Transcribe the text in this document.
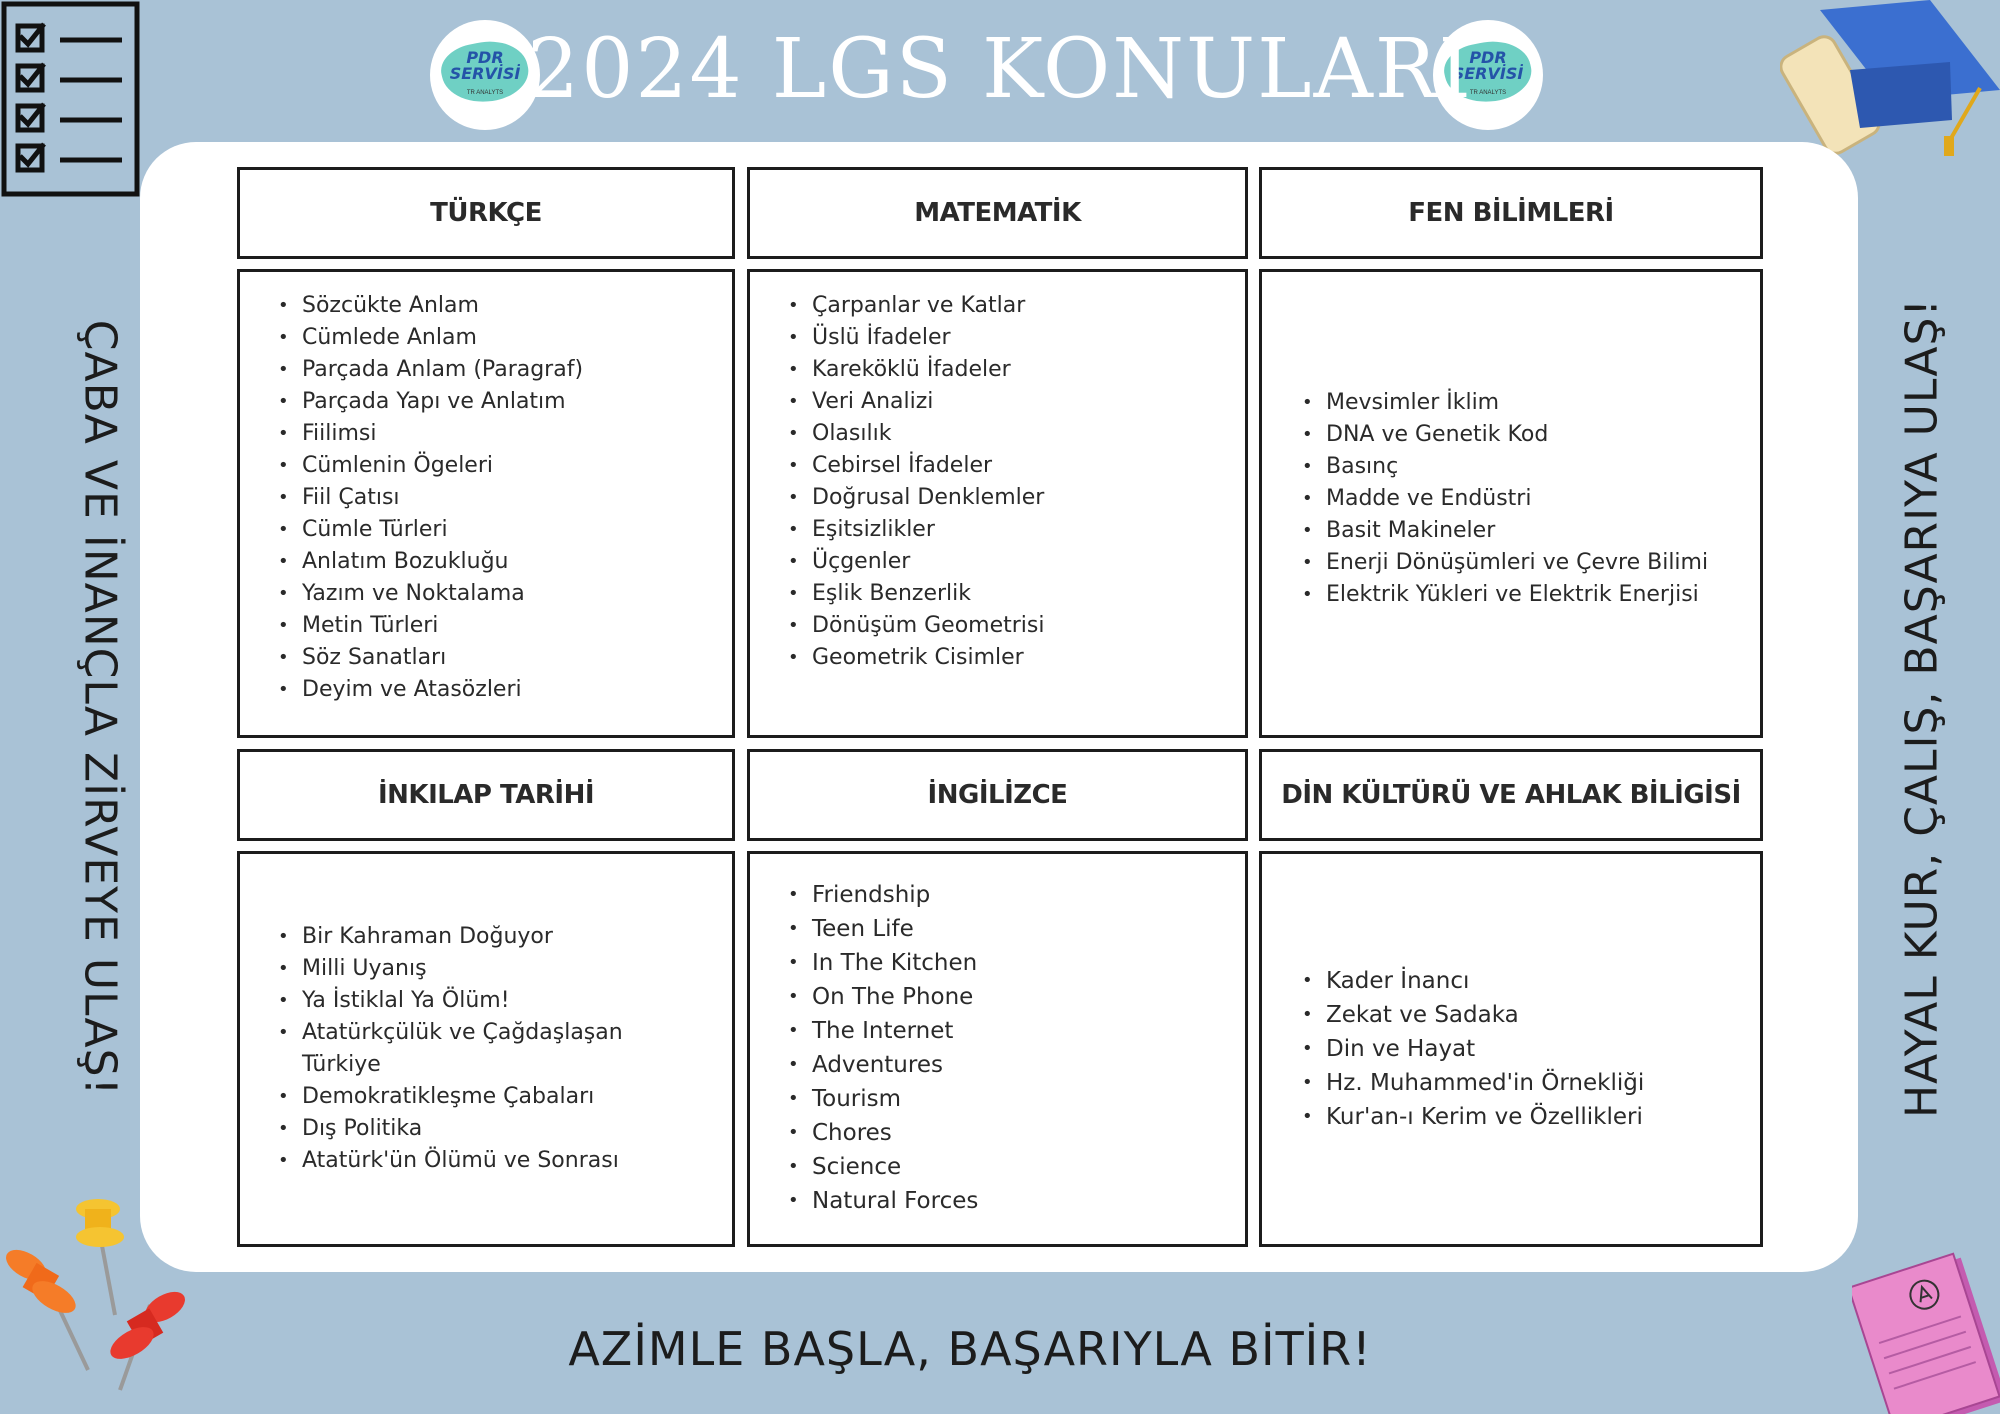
PDR
SERVİSİ
TR ANALYTS
PDR
SERVİSİ
TR ANALYTS
2024 LGS KONULARI
TÜRKÇE	MATEMATİK	FEN BİLİMLERİ
• Sözcükte Anlam
• Cümlede Anlam
• Parçada Anlam (Paragraf)
• Parçada Yapı ve Anlatım
• Fiilimsi
• Cümlenin Ögeleri
• Fiil Çatısı
• Cümle Türleri
• Anlatım Bozukluğu
• Yazım ve Noktalama
• Metin Türleri
• Söz Sanatları
• Deyim ve Atasözleri
• Çarpanlar ve Katlar
• Üslü İfadeler
• Kareköklü İfadeler
• Veri Analizi
• Olasılık
• Cebirsel İfadeler
• Doğrusal Denklemler
• Eşitsizlikler
• Üçgenler
• Eşlik Benzerlik
• Dönüşüm Geometrisi
• Geometrik Cisimler
• Mevsimler İklim
• DNA ve Genetik Kod
• Basınç
• Madde ve Endüstri
• Basit Makineler
• Enerji Dönüşümleri ve Çevre Bilimi
• Elektrik Yükleri ve Elektrik Enerjisi
İNKILAP TARİHİ	İNGİLİZCE	DİN KÜLTÜRÜ VE AHLAK BİLİGİSİ
• Bir Kahraman Doğuyor
• Milli Uyanış
• Ya İstiklal Ya Ölüm!
• Atatürkçülük ve Çağdaşlaşan Türkiye
• Demokratikleşme Çabaları
• Dış Politika
• Atatürk'ün Ölümü ve Sonrası
• Friendship
• Teen Life
• In The Kitchen
• On The Phone
• The Internet
• Adventures
• Tourism
• Chores
• Science
• Natural Forces
• Kader İnancı
• Zekat ve Sadaka
• Din ve Hayat
• Hz. Muhammed'in Örnekliği
• Kur'an-ı Kerim ve Özellikleri
ÇABA VE İNANÇLA ZİRVEYE ULAŞ!	HAYAL KUR, ÇALIŞ, BAŞARIYA ULAŞ!
AZİMLE BAŞLA, BAŞARIYLA BİTİR!
